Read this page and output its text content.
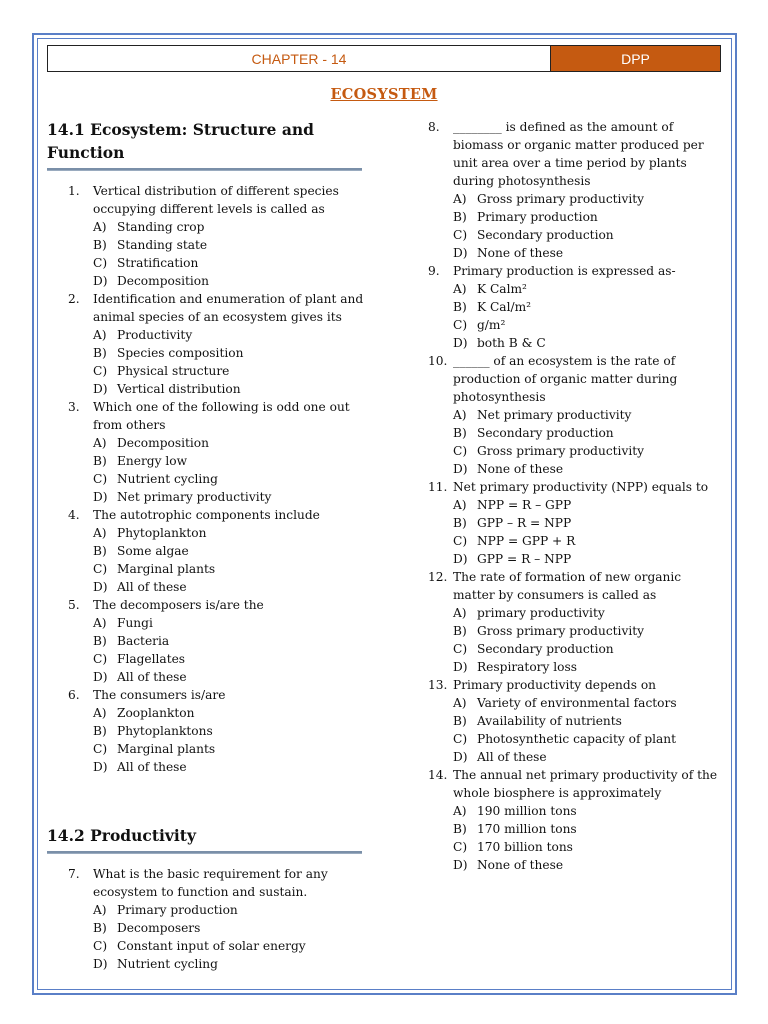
CHAPTER - 14	DPP
ECOSYSTEM
14.1 Ecosystem: Structure and Function
1. Vertical distribution of different species occupying different levels is called as
A) Standing crop
B) Standing state
C) Stratification
D) Decomposition
2. Identification and enumeration of plant and animal species of an ecosystem gives its
A) Productivity
B) Species composition
C) Physical structure
D) Vertical distribution
3. Which one of the following is odd one out from others
A) Decomposition
B) Energy low
C) Nutrient cycling
D) Net primary productivity
4. The autotrophic components include
A) Phytoplankton
B) Some algae
C) Marginal plants
D) All of these
5. The decomposers is/are the
A) Fungi
B) Bacteria
C) Flagellates
D) All of these
6. The consumers is/are
A) Zooplankton
B) Phytoplanktons
C) Marginal plants
D) All of these
14.2 Productivity
7. What is the basic requirement for any ecosystem to function and sustain.
A) Primary production
B) Decomposers
C) Constant input of solar energy
D) Nutrient cycling
8. ________ is defined as the amount of biomass or organic matter produced per unit area over a time period by plants during photosynthesis
A) Gross primary productivity
B) Primary production
C) Secondary production
D) None of these
9. Primary production is expressed as-
A) K Calm²
B) K Cal/m²
C) g/m²
D) both B & C
10. ______ of an ecosystem is the rate of production of organic matter during photosynthesis
A) Net primary productivity
B) Secondary production
C) Gross primary productivity
D) None of these
11. Net primary productivity (NPP) equals to
A) NPP = R – GPP
B) GPP – R = NPP
C) NPP = GPP + R
D) GPP = R – NPP
12. The rate of formation of new organic matter by consumers is called as
A) primary productivity
B) Gross primary productivity
C) Secondary production
D) Respiratory loss
13. Primary productivity depends on
A) Variety of environmental factors
B) Availability of nutrients
C) Photosynthetic capacity of plant
D) All of these
14. The annual net primary productivity of the whole biosphere is approximately
A) 190 million tons
B) 170 million tons
C) 170 billion tons
D) None of these
